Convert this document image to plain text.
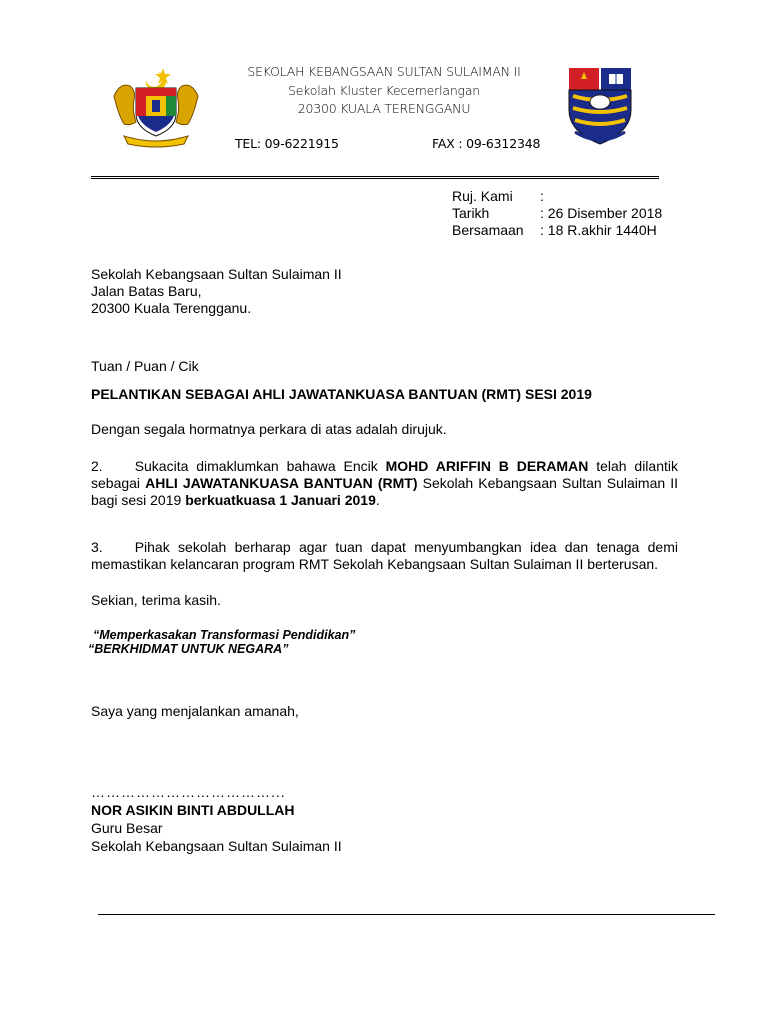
SEKOLAH KEBANGSAAN SULTAN SULAIMAN II
Sekolah Kluster Kecemerlangan
20300 KUALA TERENGGANU
TEL: 09-6221915	FAX : 09-6312348
Ruj. Kami	:
Tarikh	: 26 Disember 2018
Bersamaan	: 18 R.akhir 1440H
Sekolah Kebangsaan Sultan Sulaiman II
Jalan Batas Baru,
20300 Kuala Terengganu.
Tuan / Puan / Cik
PELANTIKAN SEBAGAI AHLI JAWATANKUASA BANTUAN (RMT) SESI 2019
Dengan segala hormatnya perkara di atas adalah dirujuk.
2. Sukacita dimaklumkan bahawa Encik MOHD ARIFFIN B DERAMAN telah dilantik sebagai AHLI JAWATANKUASA BANTUAN (RMT) Sekolah Kebangsaan Sultan Sulaiman II bagi sesi 2019 berkuatkuasa 1 Januari 2019.
3. Pihak sekolah berharap agar tuan dapat menyumbangkan idea dan tenaga demi memastikan kelancaran program RMT Sekolah Kebangsaan Sultan Sulaiman II berterusan.
Sekian, terima kasih.
“Memperkasakan Transformasi Pendidikan”
“BERKHIDMAT UNTUK NEGARA”
Saya yang menjalankan amanah,
………………………………...
NOR ASIKIN BINTI ABDULLAH
Guru Besar
Sekolah Kebangsaan Sultan Sulaiman II
